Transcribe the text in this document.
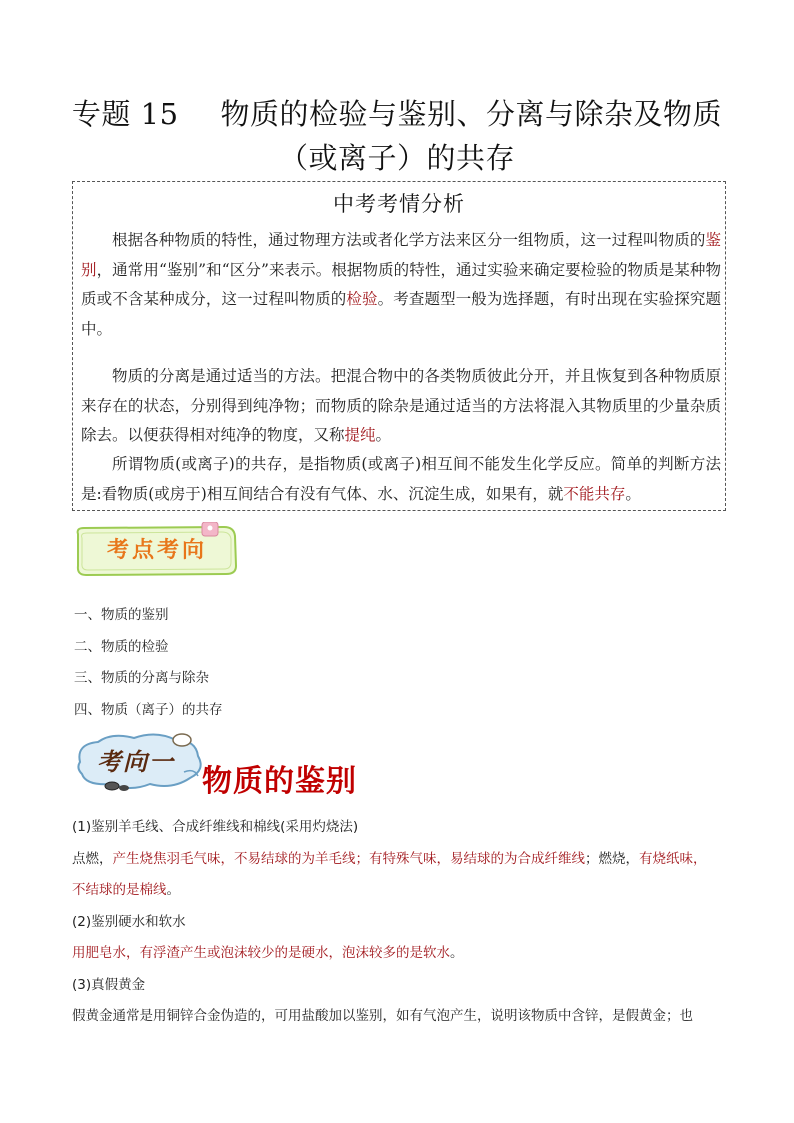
专题 15 物质的检验与鉴别、分离与除杂及物质
（或离子）的共存
中考考情分析
根据各种物质的特性，通过物理方法或者化学方法来区分一组物质，这一过程叫物质的鉴别，通常用“鉴别”和“区分”来表示。根据物质的特性，通过实验来确定要检验的物质是某种物质或不含某种成分，这一过程叫物质的检验。考查题型一般为选择题，有时出现在实验探究题中。
物质的分离是通过适当的方法。把混合物中的各类物质彼此分开，并且恢复到各种物质原来存在的状态，分别得到纯净物；而物质的除杂是通过适当的方法将混入其物质里的少量杂质除去。以便获得相对纯净的物度，又称提纯。
所谓物质(或离子)的共存，是指物质(或离子)相互间不能发生化学反应。简单的判断方法是:看物质(或房于)相互间结合有没有气体、水、沉淀生成，如果有，就不能共存。
考点考向
一、物质的鉴别
二、物质的检验
三、物质的分离与除杂
四、物质（离子）的共存
考向一
物质的鉴别
(1)鉴别羊毛线、合成纤维线和棉线(采用灼烧法)
点燃，产生烧焦羽毛气味，不易结球的为羊毛线；有特殊气味，易结球的为合成纤维线；燃烧，有烧纸味，
不结球的是棉线。
(2)鉴别硬水和软水
用肥皂水，有浮渣产生或泡沫较少的是硬水，泡沫较多的是软水。
(3)真假黄金
假黄金通常是用铜锌合金伪造的，可用盐酸加以鉴别，如有气泡产生，说明该物质中含锌，是假黄金；也
